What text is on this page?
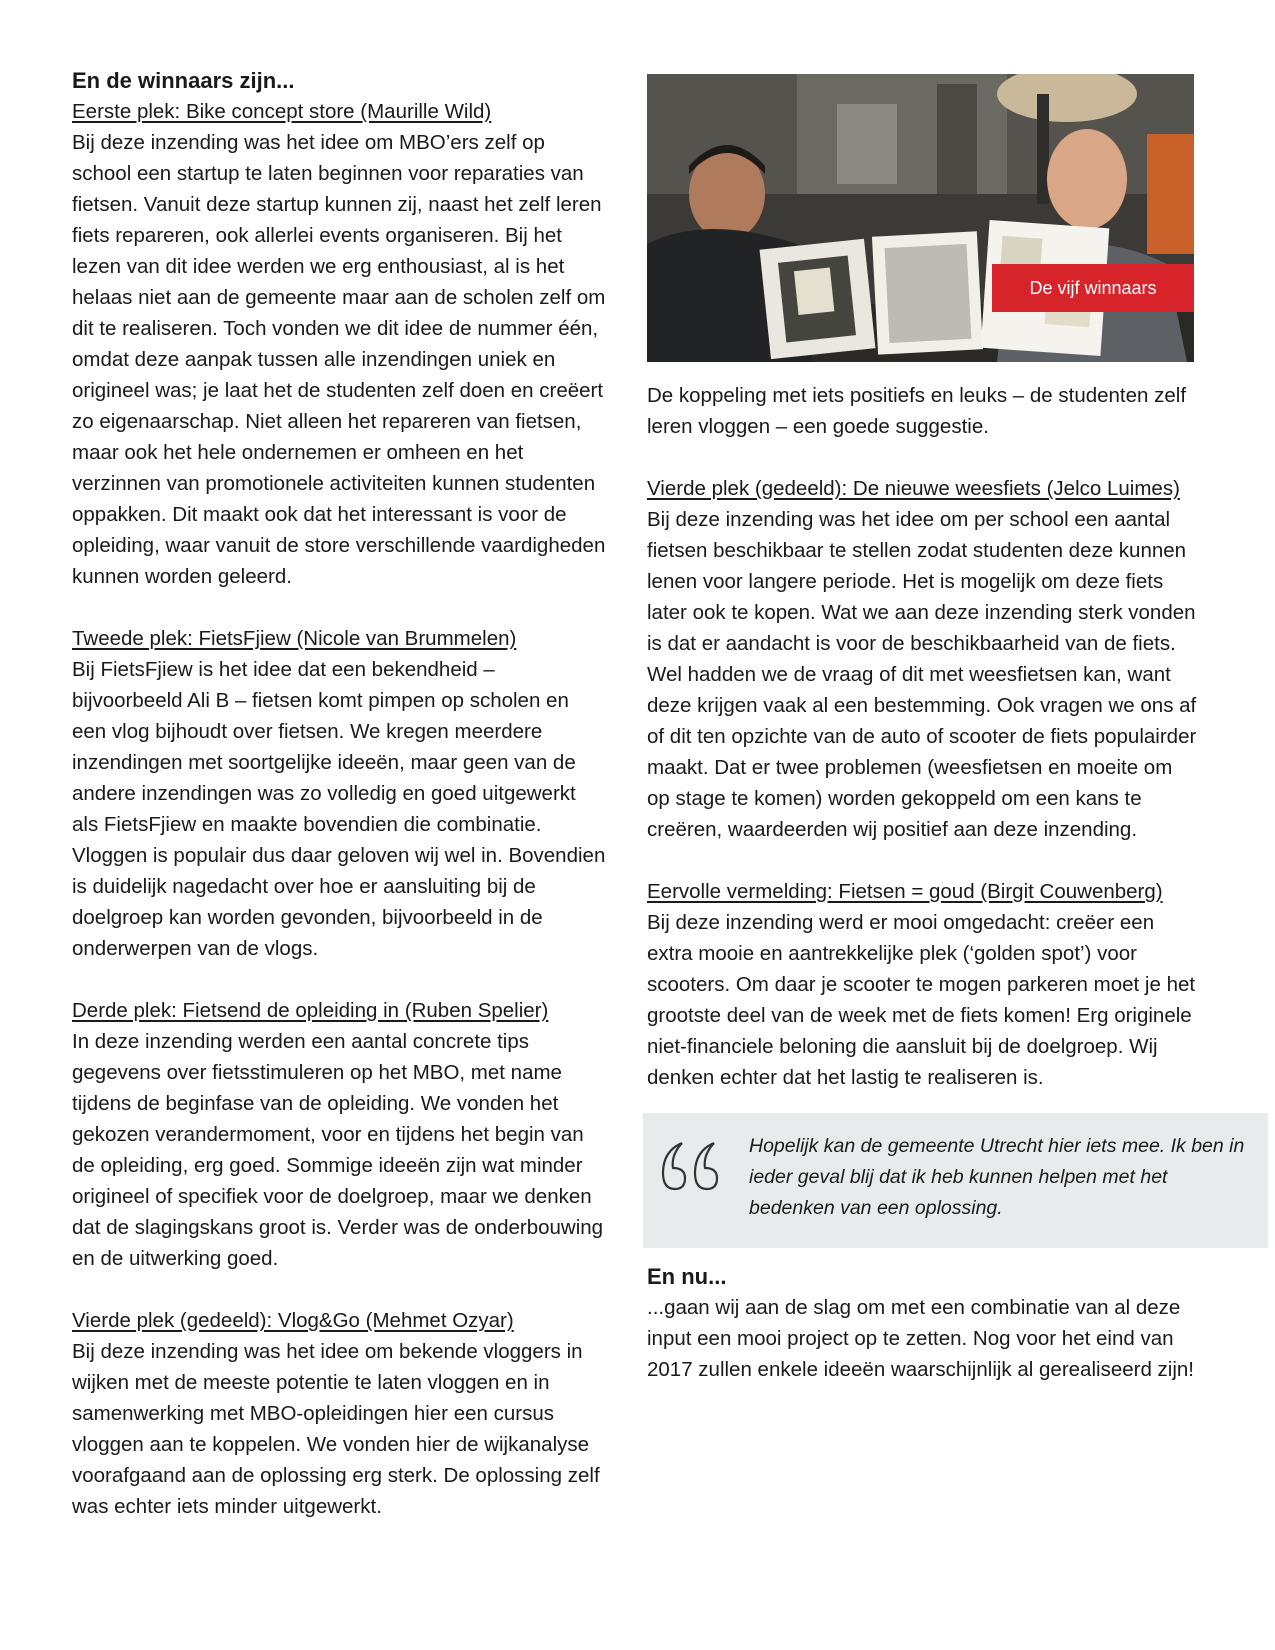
En de winnaars zijn...

Eerste plek: Bike concept store (Maurille Wild)

Bij deze inzending was het idee om MBO’ers zelf op school een startup te laten beginnen voor reparaties van fietsen. Vanuit deze startup kunnen zij, naast het zelf leren fiets repareren, ook allerlei events organiseren. Bij het lezen van dit idee werden we erg enthousiast, al is het helaas niet aan de gemeente maar aan de scholen zelf om dit te realiseren. Toch vonden we dit idee de nummer één, omdat deze aanpak tussen alle inzendingen uniek en origineel was; je laat het de studenten zelf doen en creëert zo eigenaarschap. Niet alleen het repareren van fietsen, maar ook het hele ondernemen er omheen en het verzinnen van promotionele activiteiten kunnen studenten oppakken. Dit maakt ook dat het interessant is voor de opleiding, waar vanuit de store verschillende vaardigheden kunnen worden geleerd.

Tweede plek: FietsFjiew (Nicole van Brummelen)

Bij FietsFjiew is het idee dat een bekendheid – bijvoorbeeld Ali B – fietsen komt pimpen op scholen en een vlog bijhoudt over fietsen. We kregen meerdere inzendingen met soortgelijke ideeën, maar geen van de andere inzendingen was zo volledig en goed uitgewerkt als FietsFjiew en maakte bovendien die combinatie. Vloggen is populair dus daar geloven wij wel in. Bovendien is duidelijk nagedacht over hoe er aansluiting bij de doelgroep kan worden gevonden, bijvoorbeeld in de onderwerpen van de vlogs.

Derde plek: Fietsend de opleiding in (Ruben Spelier)

In deze inzending werden een aantal concrete tips gegevens over fietsstimuleren op het MBO, met name tijdens de beginfase van de opleiding. We vonden het gekozen verandermoment, voor en tijdens het begin van de opleiding, erg goed. Sommige ideeën zijn wat minder origineel of specifiek voor de doelgroep, maar we denken dat de slagingskans groot is. Verder was de onderbouwing en de uitwerking goed.

Vierde plek (gedeeld): Vlog&Go (Mehmet Ozyar)

Bij deze inzending was het idee om bekende vloggers in wijken met de meeste potentie te laten vloggen en in samenwerking met MBO-opleidingen hier een cursus vloggen aan te koppelen. We vonden hier de wijkanalyse voorafgaand aan de oplossing erg sterk. De oplossing zelf was echter iets minder uitgewerkt.

De vijf winnaars

De koppeling met iets positiefs en leuks – de studenten zelf leren vloggen – een goede suggestie.

Vierde plek (gedeeld): De nieuwe weesfiets (Jelco Luimes)

Bij deze inzending was het idee om per school een aantal fietsen beschikbaar te stellen zodat studenten deze kunnen lenen voor langere periode. Het is mogelijk om deze fiets later ook te kopen. Wat we aan deze inzending sterk vonden is dat er aandacht is voor de beschikbaarheid van de fiets. Wel hadden we de vraag of dit met weesfietsen kan, want deze krijgen vaak al een bestemming. Ook vragen we ons af of dit ten opzichte van de auto of scooter de fiets populairder maakt. Dat er twee problemen (weesfietsen en moeite om op stage te komen) worden gekoppeld om een kans te creëren, waardeerden wij positief aan deze inzending.

Eervolle vermelding: Fietsen = goud (Birgit Couwenberg)

Bij deze inzending werd er mooi omgedacht: creëer een extra mooie en aantrekkelijke plek (‘golden spot’) voor scooters. Om daar je scooter te mogen parkeren moet je het grootste deel van de week met de fiets komen! Erg originele niet-financiele beloning die aansluit bij de doelgroep. Wij denken echter dat het lastig te realiseren is.

Hopelijk kan de gemeente Utrecht hier iets mee. Ik ben in ieder geval blij dat ik heb kunnen helpen met het bedenken van een oplossing.

En nu...

...gaan wij aan de slag om met een combinatie van al deze input een mooi project op te zetten. Nog voor het eind van 2017 zullen enkele ideeën waarschijnlijk al gerealiseerd zijn!
